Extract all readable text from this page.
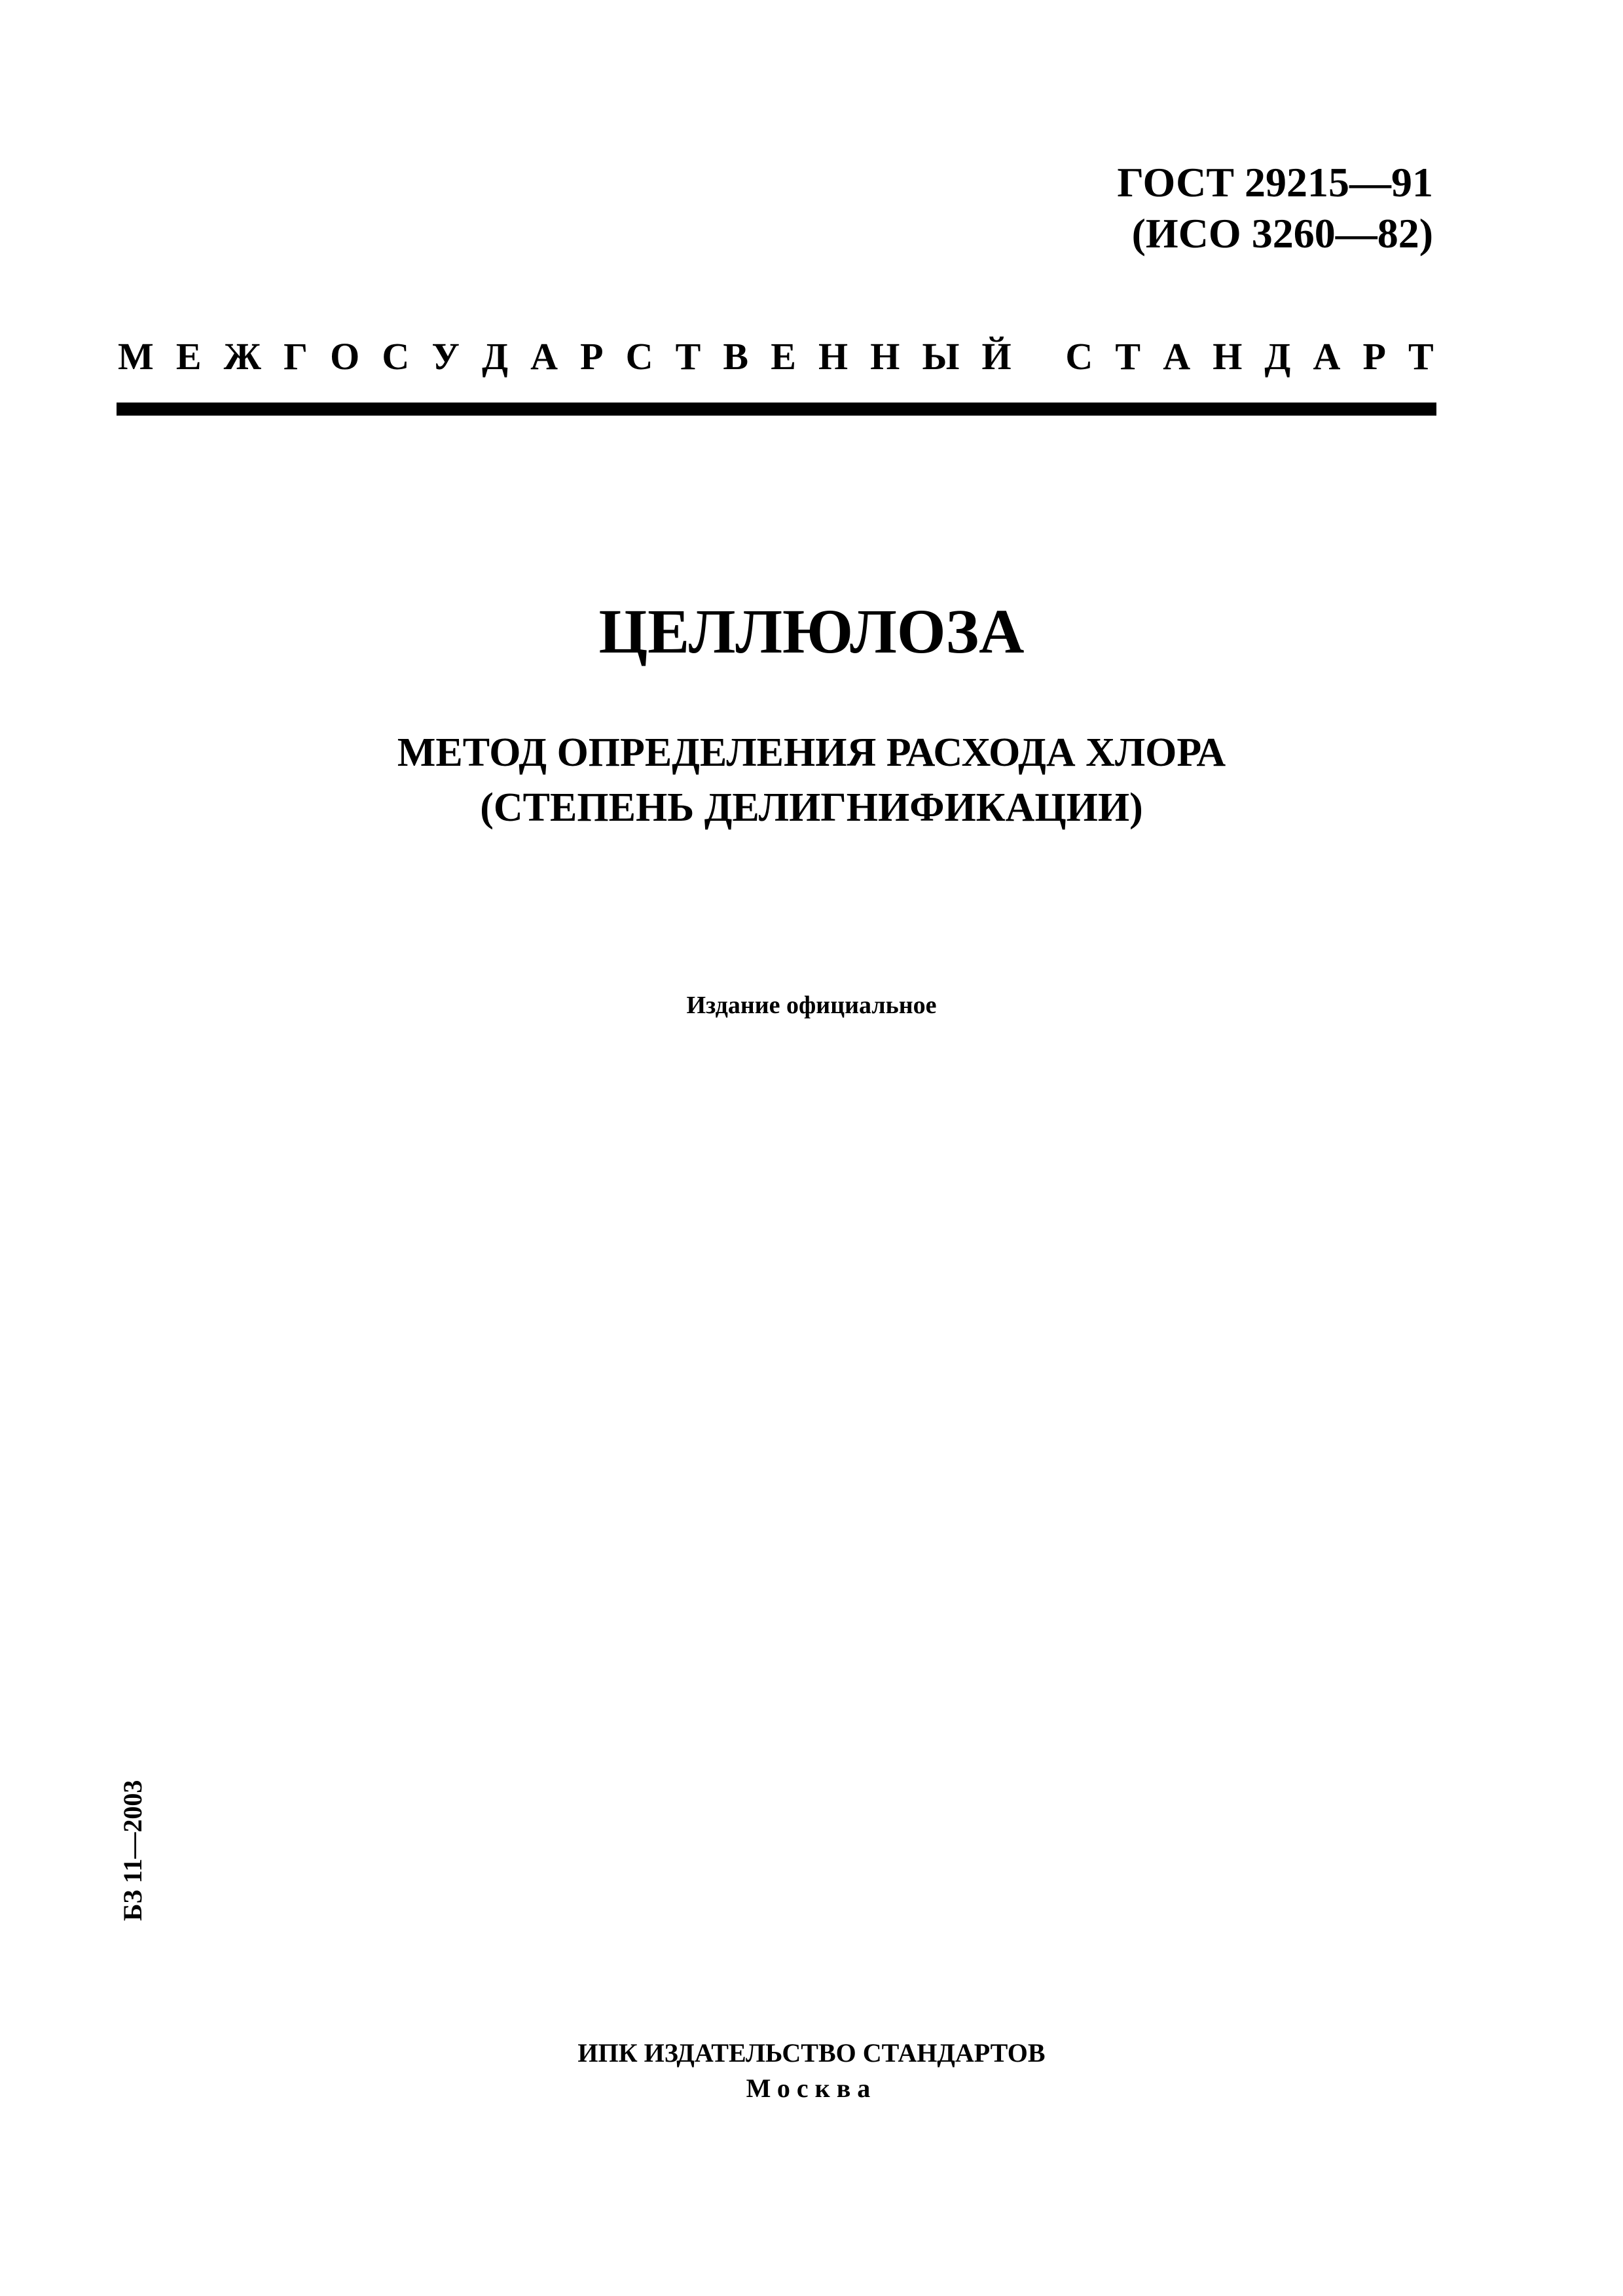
ГОСТ 29215—91
(ИСО 3260—82)
М Е Ж Г О С У Д А Р С Т В Е Н Н Ы Й
С Т А Н Д А Р Т
ЦЕЛЛЮЛОЗА
МЕТОД ОПРЕДЕЛЕНИЯ РАСХОДА ХЛОРА
(СТЕПЕНЬ ДЕЛИГНИФИКАЦИИ)
Издание официальное
БЗ 11—2003
ИПК ИЗДАТЕЛЬСТВО СТАНДАРТОВ
Москва
